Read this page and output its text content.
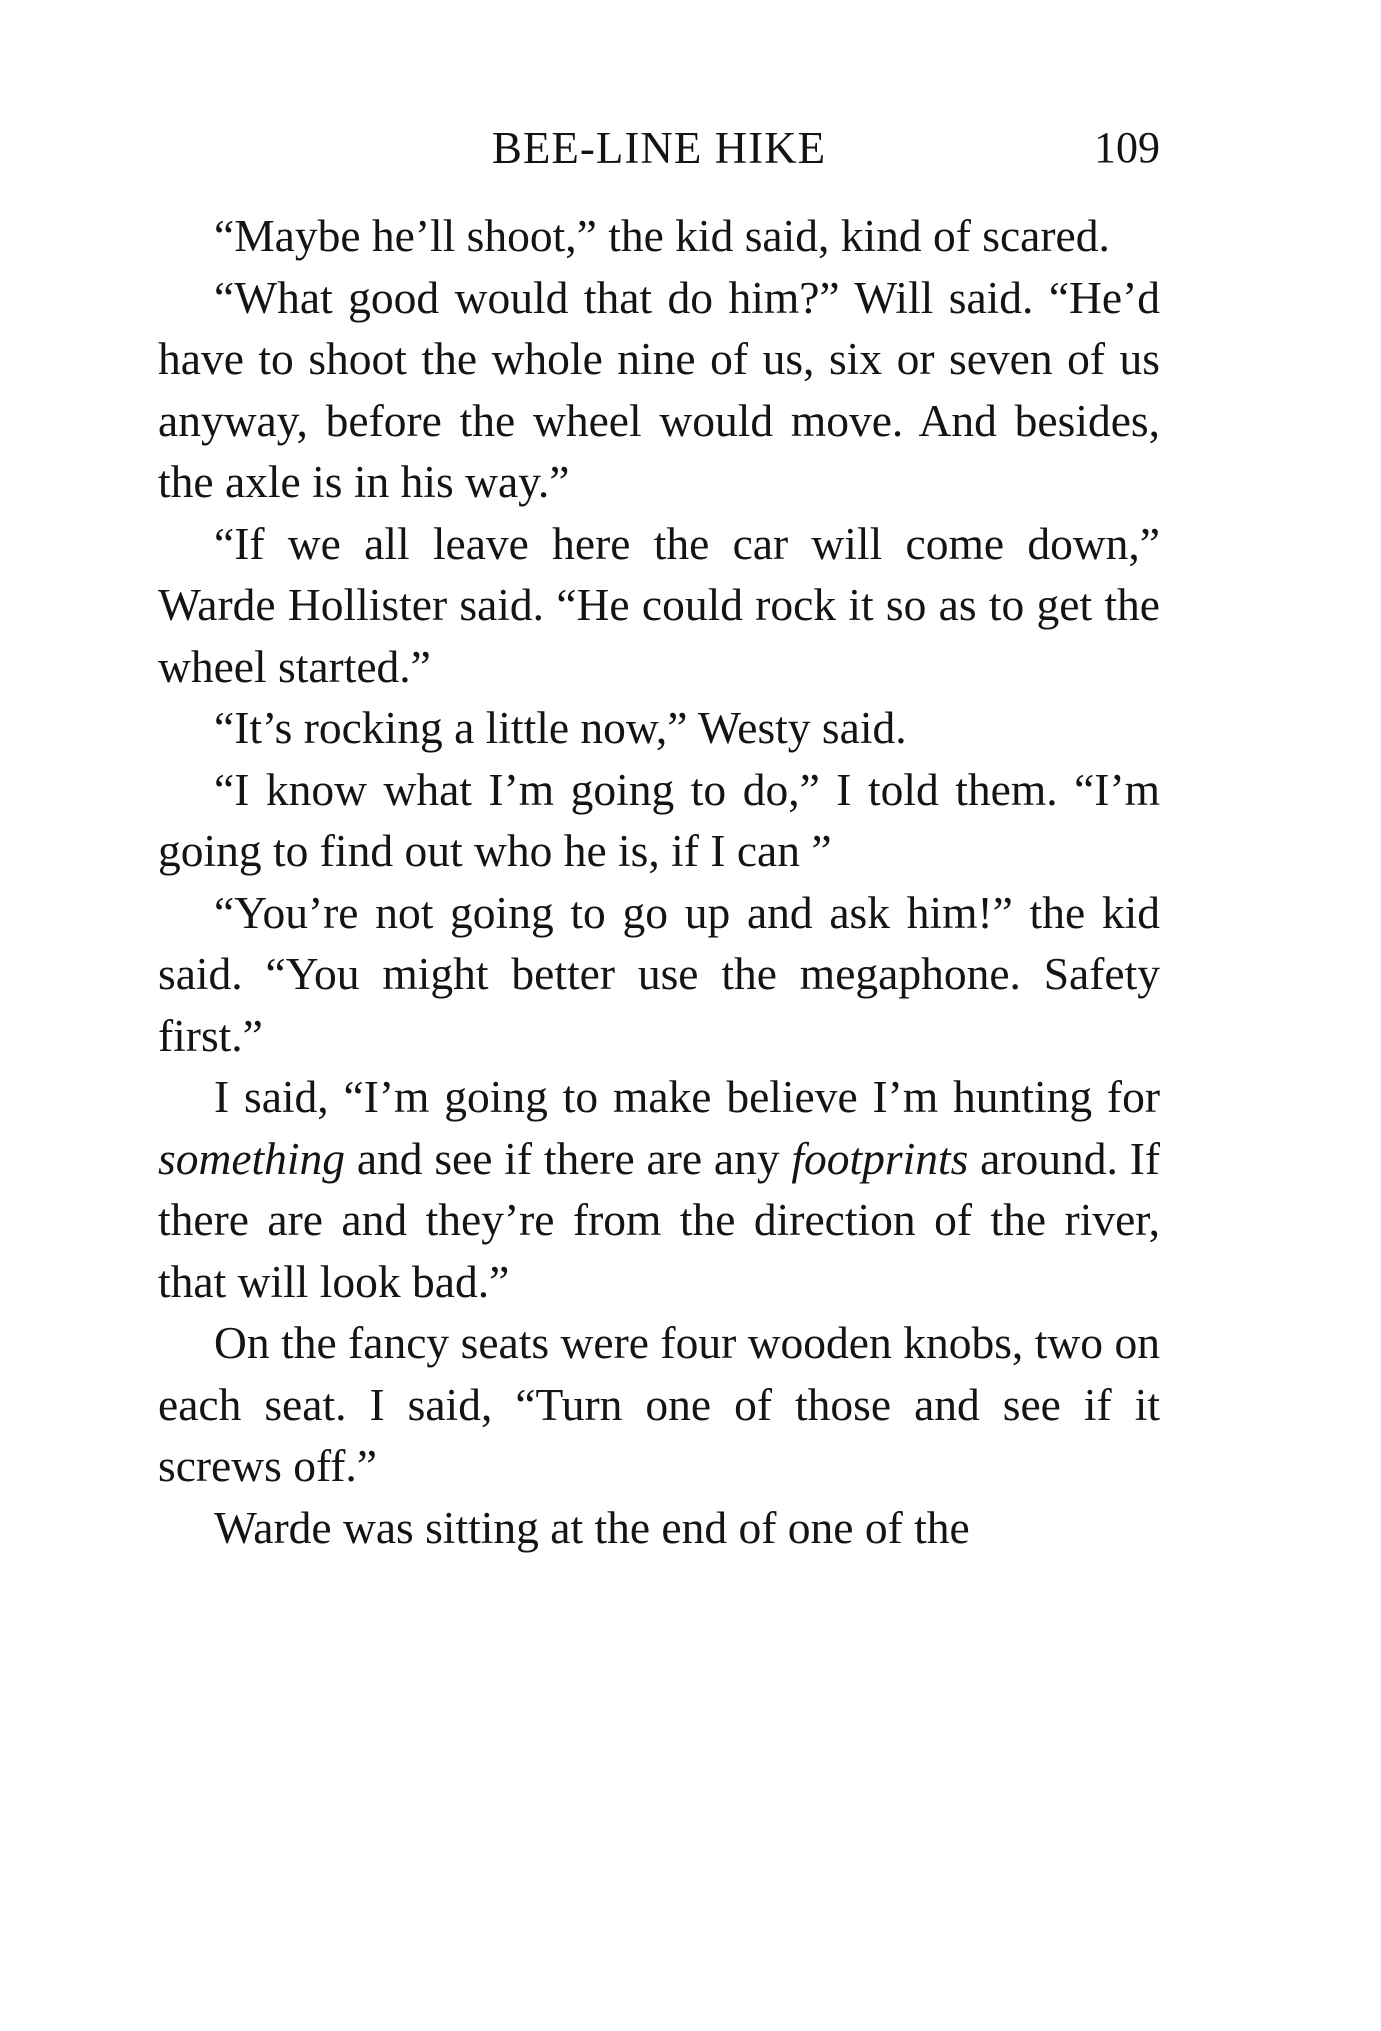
BEE-LINE HIKE	109

“Maybe he’ll shoot,” the kid said, kind of scared.

“What good would that do him?” Will said. “He’d have to shoot the whole nine of us, six or seven of us anyway, before the wheel would move. And besides, the axle is in his way.”

“If we all leave here the car will come down,” Warde Hollister said. “He could rock it so as to get the wheel started.”

“It’s rocking a little now,” Westy said.

“I know what I’m going to do,” I told them. “I’m going to find out who he is, if I can ”

“You’re not going to go up and ask him!” the kid said. “You might better use the megaphone. Safety first.”

I said, “I’m going to make believe I’m hunting for something and see if there are any footprints around. If there are and they’re from the direction of the river, that will look bad.”

On the fancy seats were four wooden knobs, two on each seat. I said, “Turn one of those and see if it screws off.”

Warde was sitting at the end of one of the
